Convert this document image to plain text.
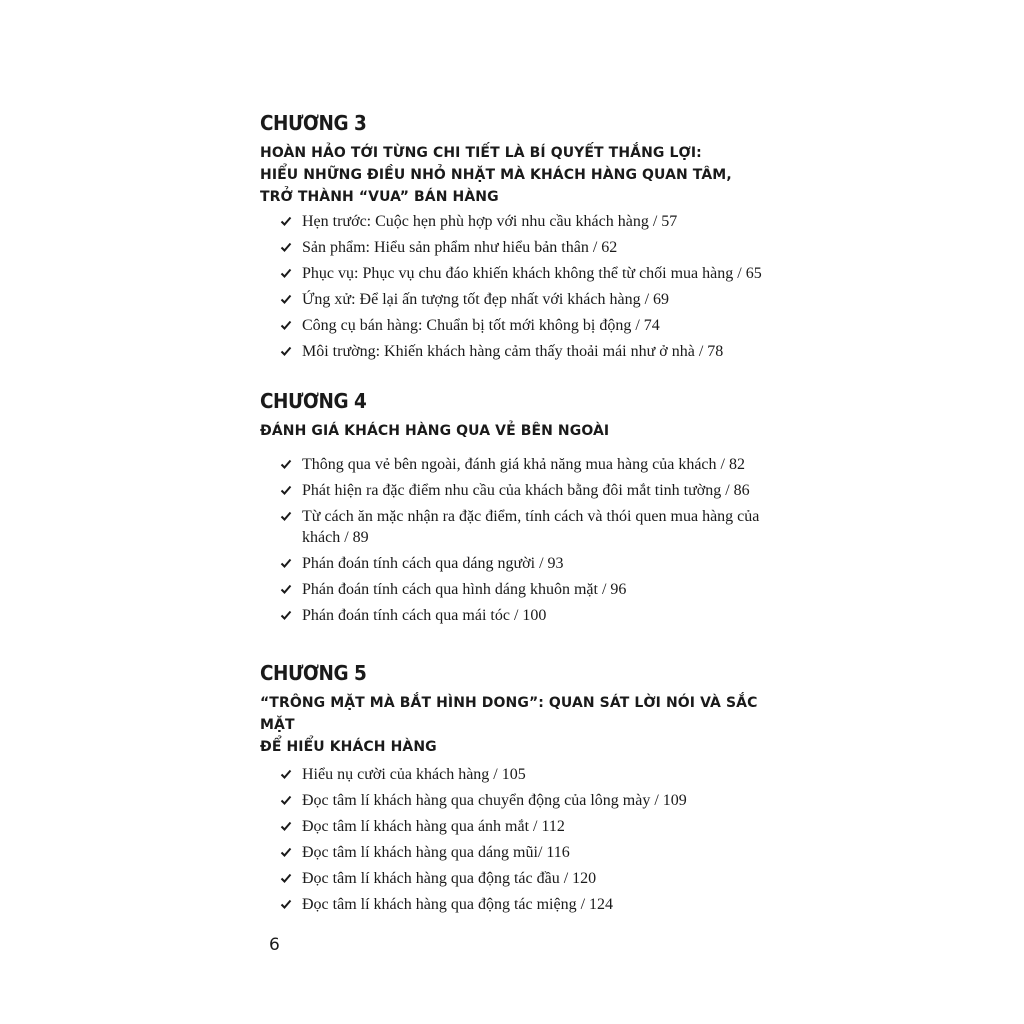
CHƯƠNG 3

HOÀN HẢO TỚI TỪNG CHI TIẾT LÀ BÍ QUYẾT THẮNG LỢI:
HIỂU NHỮNG ĐIỀU NHỎ NHẶT MÀ KHÁCH HÀNG QUAN TÂM,
TRỞ THÀNH “VUA” BÁN HÀNG

Hẹn trước: Cuộc hẹn phù hợp với nhu cầu khách hàng / 57
Sản phẩm: Hiểu sản phẩm như hiểu bản thân / 62
Phục vụ: Phục vụ chu đáo khiến khách không thể từ chối mua hàng / 65
Ứng xử: Để lại ấn tượng tốt đẹp nhất với khách hàng / 69
Công cụ bán hàng: Chuẩn bị tốt mới không bị động / 74
Môi trường: Khiến khách hàng cảm thấy thoải mái như ở nhà / 78
CHƯƠNG 4

ĐÁNH GIÁ KHÁCH HÀNG QUA VẺ BÊN NGOÀI

Thông qua vẻ bên ngoài, đánh giá khả năng mua hàng của khách / 82
Phát hiện ra đặc điểm nhu cầu của khách bằng đôi mắt tinh tường / 86
Từ cách ăn mặc nhận ra đặc điểm, tính cách và thói quen mua hàng của khách / 89
Phán đoán tính cách qua dáng người / 93
Phán đoán tính cách qua hình dáng khuôn mặt / 96
Phán đoán tính cách qua mái tóc / 100
CHƯƠNG 5

“TRÔNG MẶT MÀ BẮT HÌNH DONG”: QUAN SÁT LỜI NÓI VÀ SẮC MẶT
ĐỂ HIỂU KHÁCH HÀNG

Hiểu nụ cười của khách hàng / 105
Đọc tâm lí khách hàng qua chuyển động của lông mày / 109
Đọc tâm lí khách hàng qua ánh mắt / 112
Đọc tâm lí khách hàng qua dáng mũi/ 116
Đọc tâm lí khách hàng qua động tác đầu / 120
Đọc tâm lí khách hàng qua động tác miệng / 124
6
